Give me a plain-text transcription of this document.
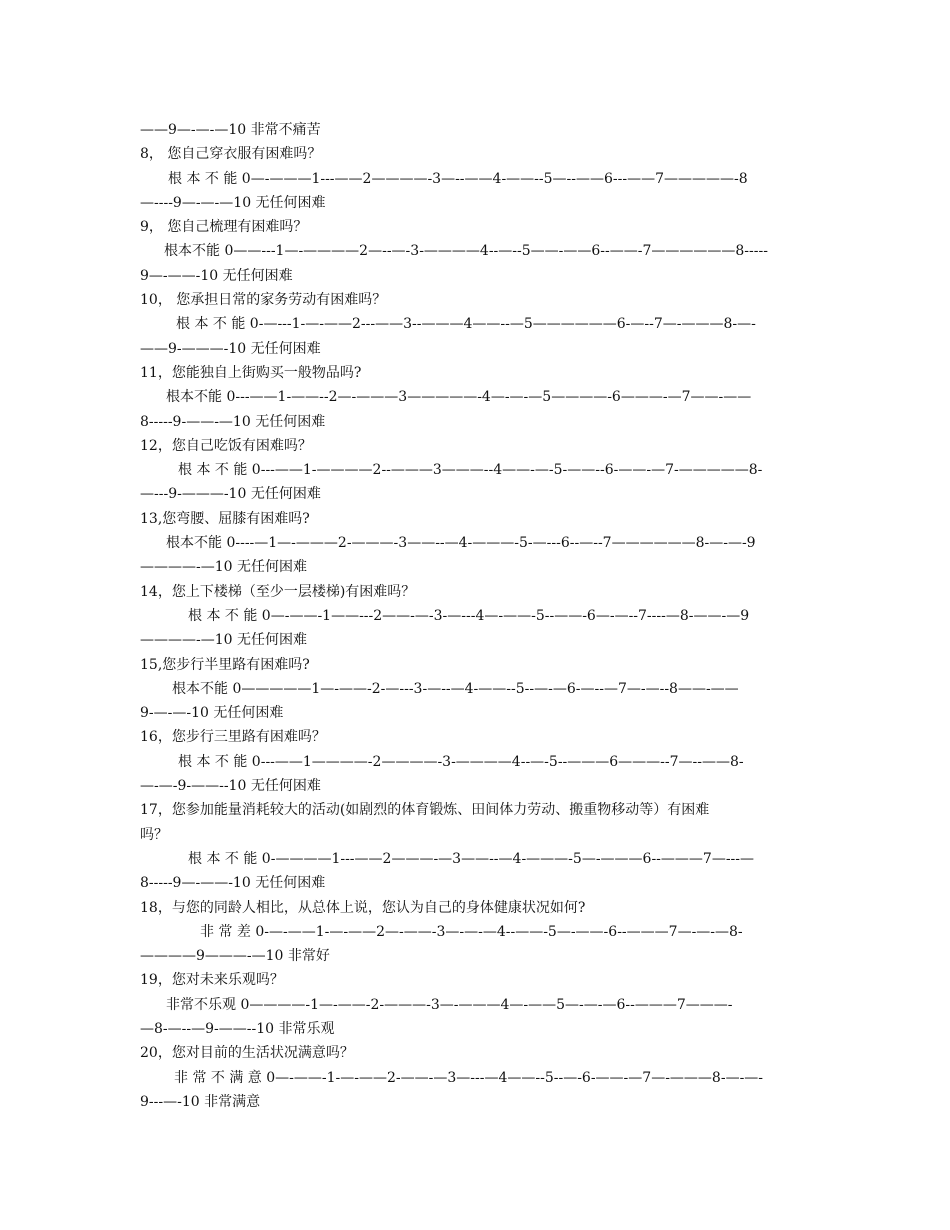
——9—-—-—10 非常不痛苦
8， 您自己穿衣服有困难吗？
根 本 不 能 0—-———1---——2————-3—--——4-——--5—--——6---——7—————-8
—----9—-—-—10 无任何困难
9， 您自己梳理有困难吗？
根本不能 0——---1—-————2—--—-3-————4--—--5——-——6--——-7——————8-----
9—-——-10 无任何困难
10， 您承担日常的家务劳动有困难吗？
根 本 不 能 0-—---1-—-——2---——3--———4——--—5——————6-—--7—-———8-—-
——9-———-10 无任何困难
11，您能独自上街购买一般物品吗?
根本不能 0---——1-——--2—-———3—————-4—-—-—5————-6———-—7——-——
8-----9-——-—10 无任何困难
12，您自己吃饭有困难吗？
根 本 不 能 0---——1-————2--———3———--4——-—-5-——--6-——-—7-—————8-
—---9-———-10 无任何困难
13,您弯腰、屈膝有困难吗?
根本不能 0----—1—-———2-———-3——--—4-———-5-—---6--—--7——————8-—-—-9
————-—10 无任何困难
14，您上下楼梯（至少一层楼梯)有困难吗？
根 本 不 能 0—-——-1——---2——-—-3-—---4—-——-5--——-6—-—--7----—8-——-—9
————-—10 无任何困难
15,您步行半里路有困难吗?
根本不能 0—————1—-——-2-—---3-—--—4-——--5--—-—6-—--—7—-—--8——-——
9-—-—-10 无任何困难
16，您步行三里路有困难吗？
根 本 不 能 0---——1————-2————-3-————4--—-5--———6———--7—--——8-
—-—-9-——--10 无任何困难
17，您参加能量消耗较大的活动(如剧烈的体育锻炼、田间体力劳动、搬重物移动等）有困难
吗？
根 本 不 能 0-————1---——2———-—3——--—4-———-5—-———6--———7—---—
8-----9—-——-10 无任何困难
18，与您的同龄人相比，从总体上说，您认为自己的身体健康状况如何?
非 常 差 0-—-——1-—-——2—-——-3—-—-—4--——-5—-——-6--———7—-—-—8-
————9———-—10 非常好
19，您对未来乐观吗？
非常不乐观 0————-1—-——-2-———-3—-———4—-——5—-—-—6--———7———-
—8-—--—9-——--10 非常乐观
20，您对目前的生活状况满意吗？
非 常 不 满 意 0—-——-1-—-——2-——-—3—---—4——--5--—-6-——-—7—-———8-—-—-
9---—-10 非常满意
